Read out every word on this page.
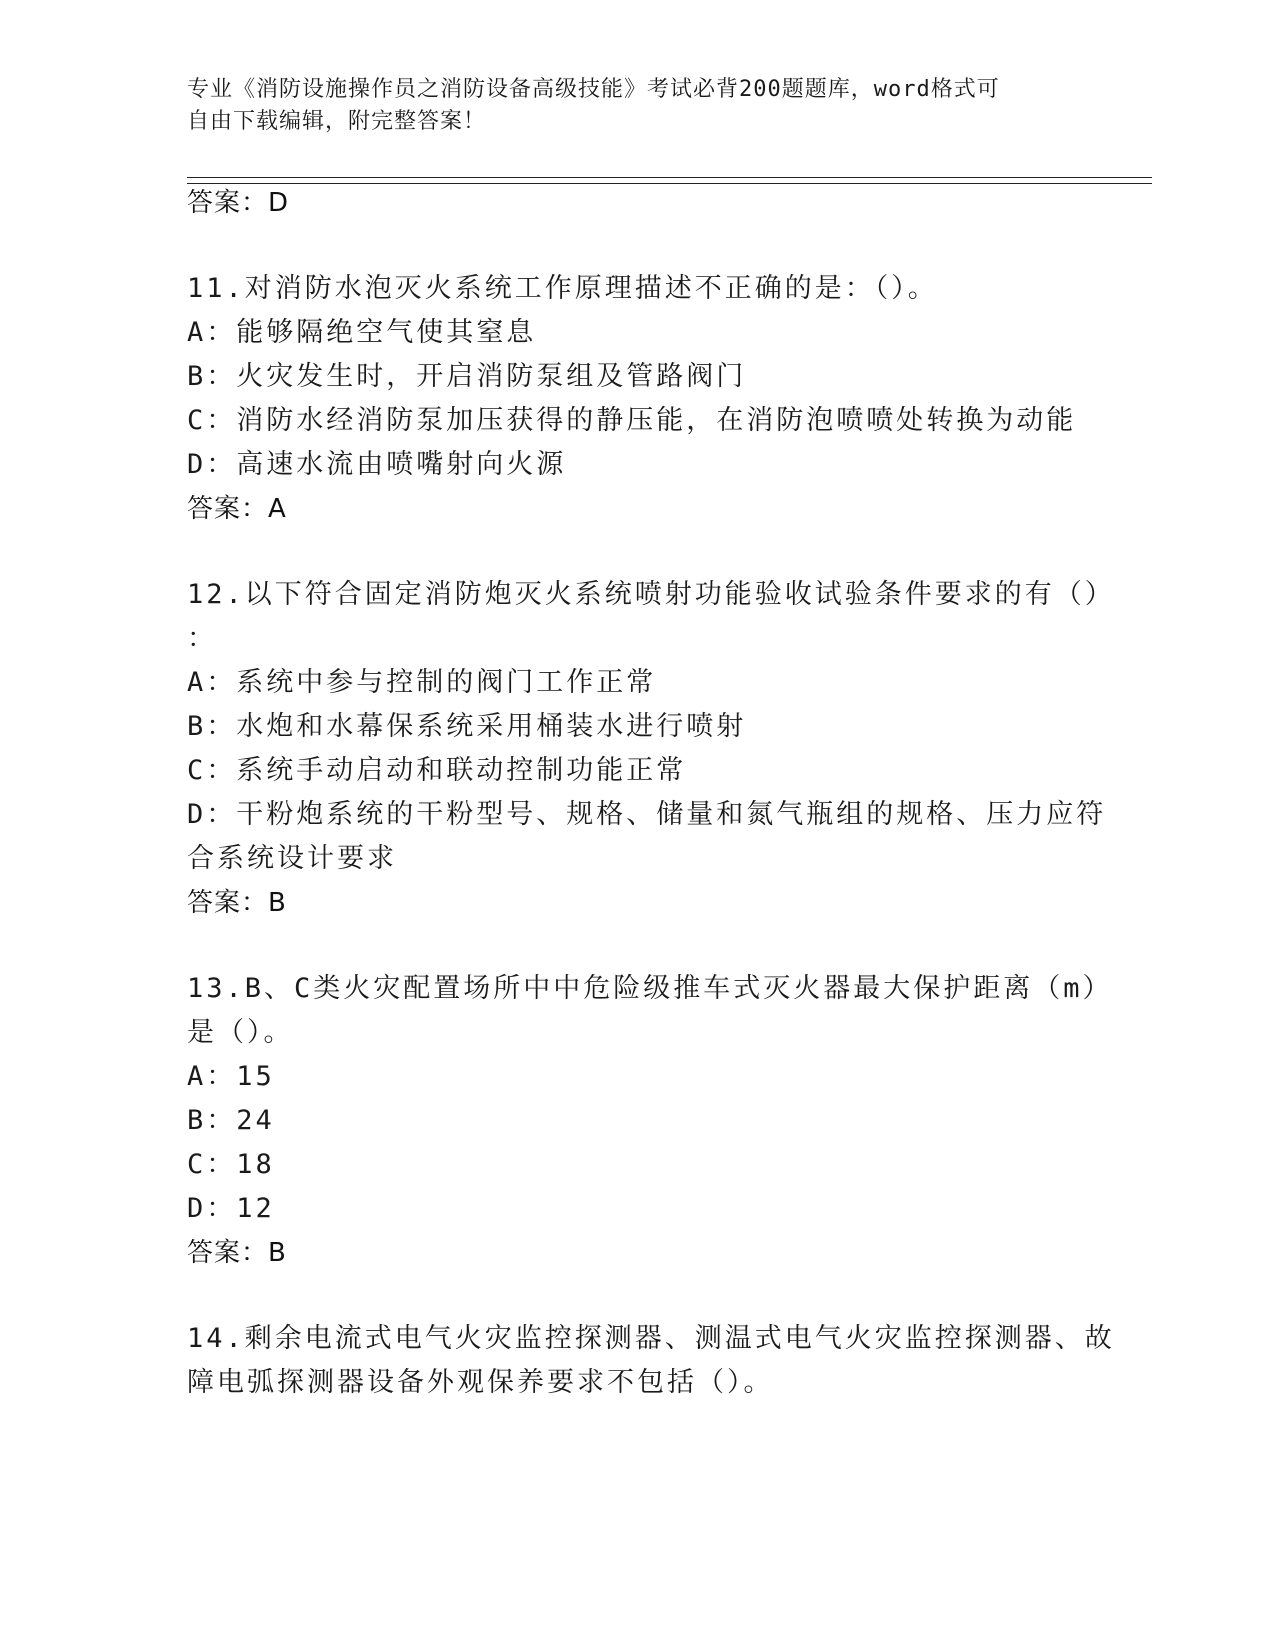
专业《消防设施操作员之消防设备高级技能》考试必背200题题库，word格式可
自由下载编辑，附完整答案！
答案：D
11.对消防水泡灭火系统工作原理描述不正确的是：（）。
A：能够隔绝空气使其窒息
B：火灾发生时，开启消防泵组及管路阀门
C：消防水经消防泵加压获得的静压能，在消防泡喷喷处转换为动能
D：高速水流由喷嘴射向火源
答案：A
12.以下符合固定消防炮灭火系统喷射功能验收试验条件要求的有（）
：
A：系统中参与控制的阀门工作正常
B：水炮和水幕保系统采用桶装水进行喷射
C：系统手动启动和联动控制功能正常
D：干粉炮系统的干粉型号、规格、储量和氮气瓶组的规格、压力应符
合系统设计要求
答案：B
13.B、C类火灾配置场所中中危险级推车式灭火器最大保护距离（m）
是（）。
A：15
B：24
C：18
D：12
答案：B
14.剩余电流式电气火灾监控探测器、测温式电气火灾监控探测器、故
障电弧探测器设备外观保养要求不包括（）。
